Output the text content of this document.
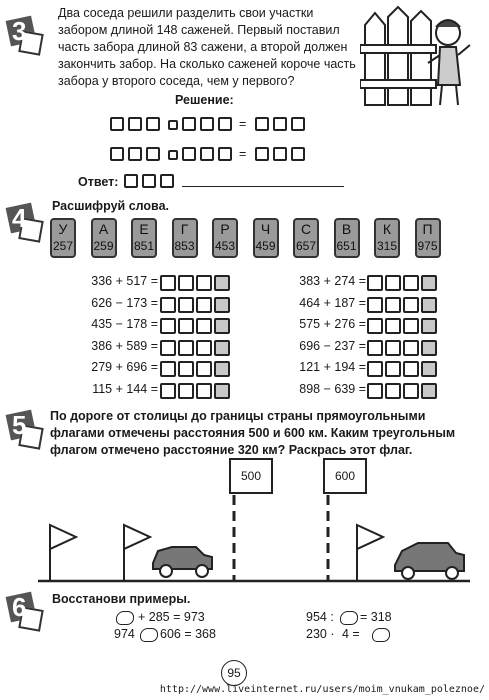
3
Два соседа решили разделить свои участки забором длиной 148 саженей. Первый поставил часть забора длиной 83 сажени, а второй должен закончить забор. На сколько саженей короче часть забора у второго соседа, чем у первого?
Решение:
=
=
Ответ:
4 Расшифруй слова.
У
257
А
259
Е
851
Г
853
Р
453
Ч
459
С
657
В
651
К
315
П
975
336 + 517 =
626 − 173 =
435 − 178 =
386 + 589 =
279 + 696 =
115 + 144 =
383 + 274 =
464 + 187 =
575 + 276 =
696 − 237 =
121 + 194 =
898 − 639 =
5 По дороге от столицы до границы страны прямоугольными флагами отмечены расстояния 500 и 600 км. Каким треугольным флагом отмечено расстояние 320 км? Раскрась этот флаг.
500	600
6 Восстанови примеры.
+ 285 = 973
974 606 = 368
954 : = 318
230 · 4 =
95
http://www.liveinternet.ru/users/moim_vnukam_poleznoe/
